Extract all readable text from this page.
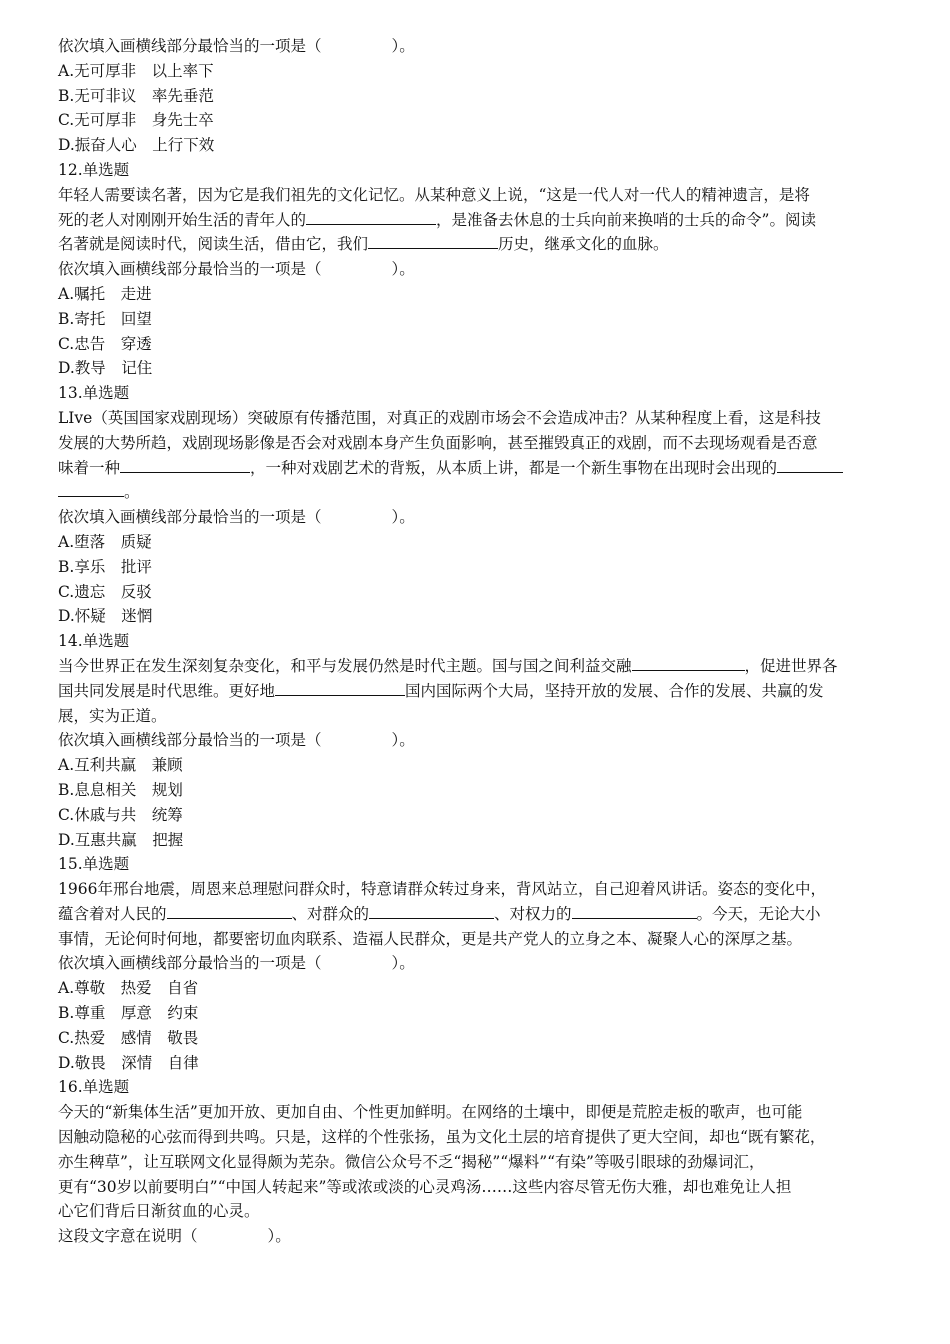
依次填入画横线部分最恰当的一项是（	）。
A.无可厚非　以上率下
B.无可非议　率先垂范
C.无可厚非　身先士卒
D.振奋人心　上行下效
12.单选题
年轻人需要读名著，因为它是我们祖先的文化记忆。从某种意义上说，“这是一代人对一代人的精神遗言，是将
死的老人对刚刚开始生活的青年人的	，是准备去休息的士兵向前来换哨的士兵的命令”。阅读
名著就是阅读时代，阅读生活，借由它，我们	历史，继承文化的血脉。
依次填入画横线部分最恰当的一项是（	）。
A.嘱托　走进
B.寄托　回望
C.忠告　穿透
D.教导　记住
13.单选题
LIve（英国国家戏剧现场）突破原有传播范围，对真正的戏剧市场会不会造成冲击？从某种程度上看，这是科技
发展的大势所趋，戏剧现场影像是否会对戏剧本身产生负面影响，甚至摧毁真正的戏剧，而不去现场观看是否意
味着一种	，一种对戏剧艺术的背叛，从本质上讲，都是一个新生事物在出现时会出现的
。
依次填入画横线部分最恰当的一项是（	）。
A.堕落　质疑
B.享乐　批评
C.遗忘　反驳
D.怀疑　迷惘
14.单选题
当今世界正在发生深刻复杂变化，和平与发展仍然是时代主题。国与国之间利益交融	，促进世界各
国共同发展是时代思维。更好地	国内国际两个大局，坚持开放的发展、合作的发展、共赢的发
展，实为正道。
依次填入画横线部分最恰当的一项是（	）。
A.互利共赢　兼顾
B.息息相关　规划
C.休戚与共　统筹
D.互惠共赢　把握
15.单选题
1966年邢台地震，周恩来总理慰问群众时，特意请群众转过身来，背风站立，自己迎着风讲话。姿态的变化中，
蕴含着对人民的	、对群众的	、对权力的	。今天，无论大小
事情，无论何时何地，都要密切血肉联系、造福人民群众，更是共产党人的立身之本、凝聚人心的深厚之基。
依次填入画横线部分最恰当的一项是（	）。
A.尊敬　热爱　自省
B.尊重　厚意　约束
C.热爱　感情　敬畏
D.敬畏　深情　自律
16.单选题
今天的“新集体生活”更加开放、更加自由、个性更加鲜明。在网络的土壤中，即便是荒腔走板的歌声，也可能
因触动隐秘的心弦而得到共鸣。只是，这样的个性张扬，虽为文化土层的培育提供了更大空间，却也“既有繁花，
亦生稗草”，让互联网文化显得颇为芜杂。微信公众号不乏“揭秘”“爆料”“有染”等吸引眼球的劲爆词汇，
更有“30岁以前要明白”“中国人转起来”等或浓或淡的心灵鸡汤……这些内容尽管无伤大雅，却也难免让人担
心它们背后日渐贫血的心灵。
这段文字意在说明（	）。
